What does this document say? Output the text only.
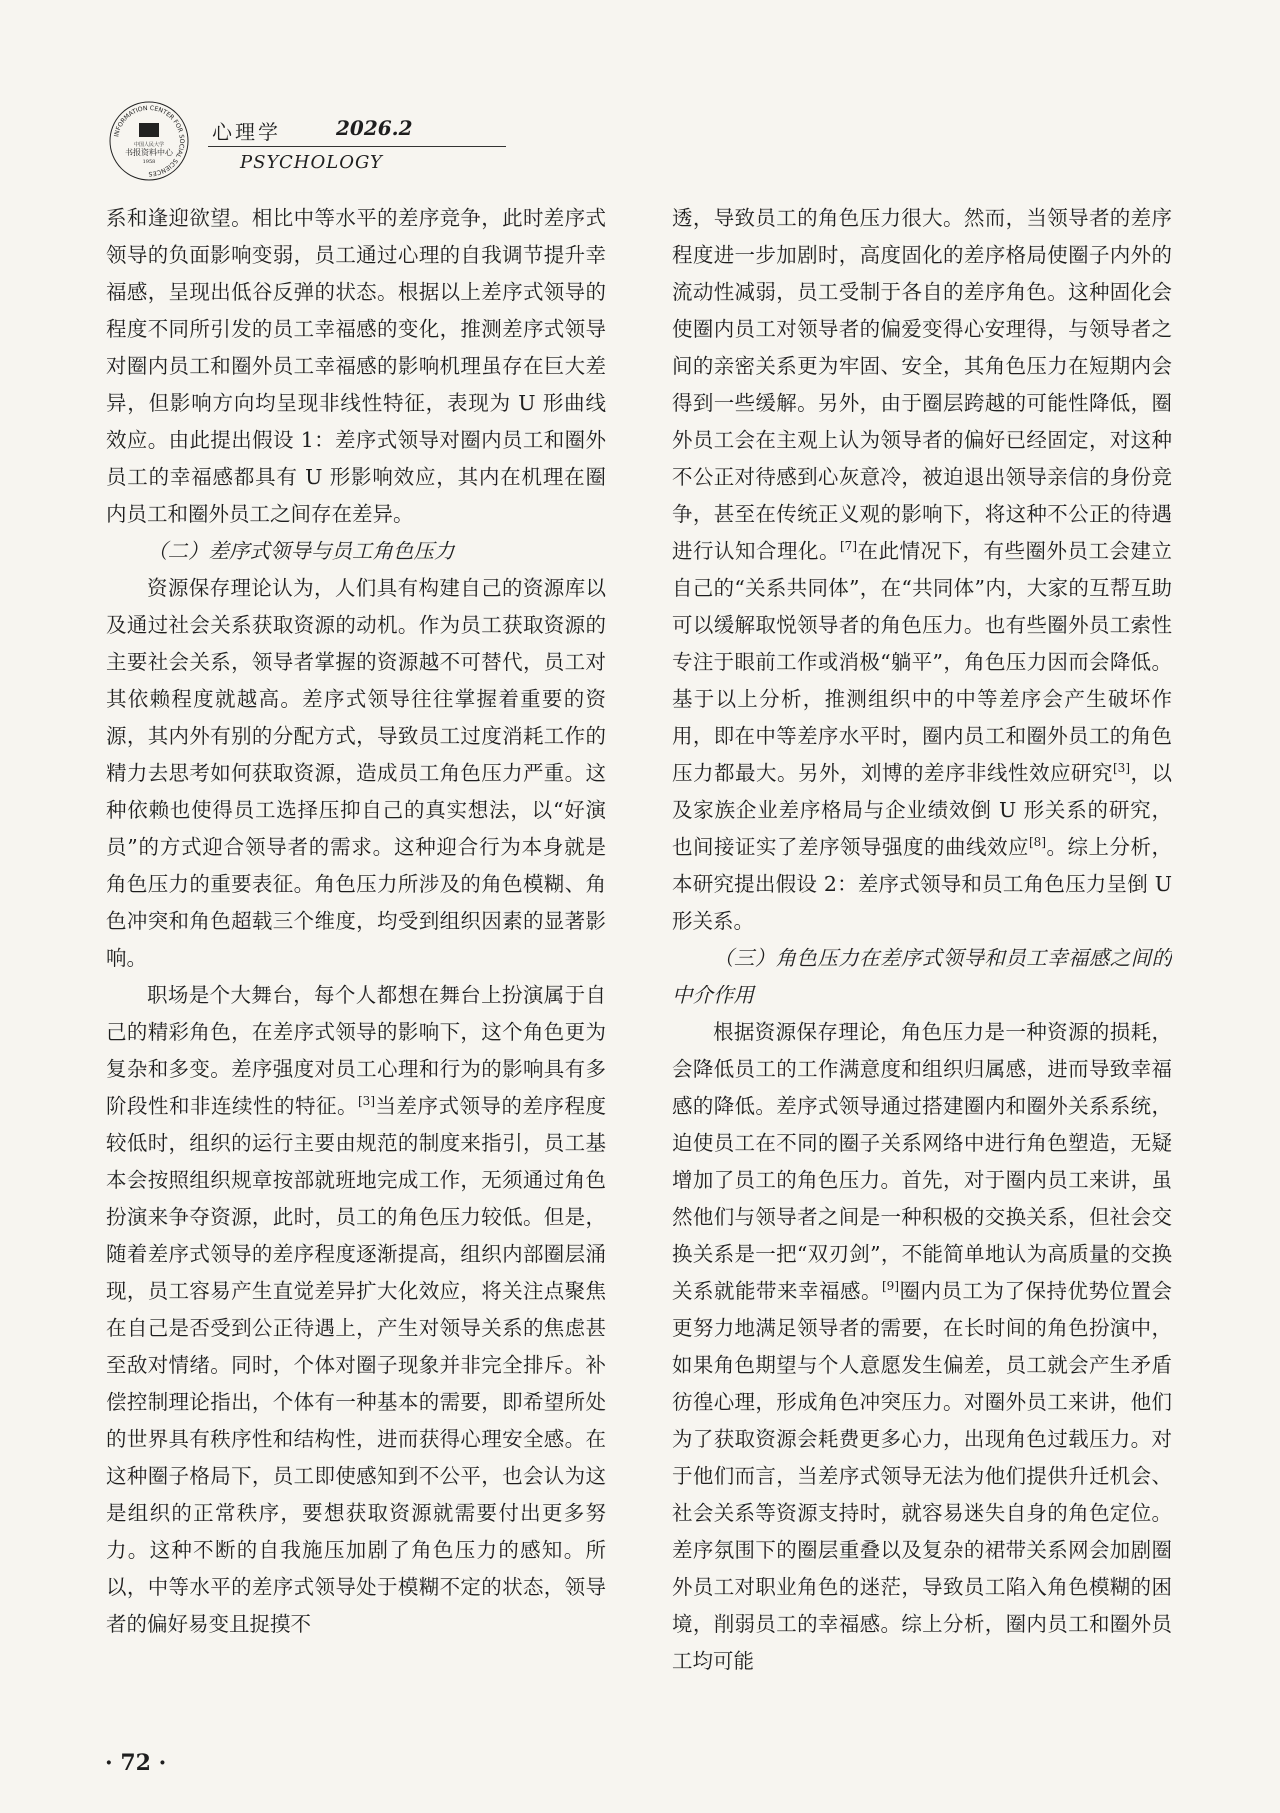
INFORMATION CENTER FOR SOCIAL SCIENCES
中国人民大学
书报资料中心
1958
心理学	2026.2
PSYCHOLOGY

系和逢迎欲望。相比中等水平的差序竞争，此时差序式领导的负面影响变弱，员工通过心理的自我调节提升幸福感，呈现出低谷反弹的状态。根据以上差序式领导的程度不同所引发的员工幸福感的变化，推测差序式领导对圈内员工和圈外员工幸福感的影响机理虽存在巨大差异，但影响方向均呈现非线性特征，表现为 U 形曲线效应。由此提出假设 1：差序式领导对圈内员工和圈外员工的幸福感都具有 U 形影响效应，其内在机理在圈内员工和圈外员工之间存在差异。

（二）差序式领导与员工角色压力

资源保存理论认为，人们具有构建自己的资源库以及通过社会关系获取资源的动机。作为员工获取资源的主要社会关系，领导者掌握的资源越不可替代，员工对其依赖程度就越高。差序式领导往往掌握着重要的资源，其内外有别的分配方式，导致员工过度消耗工作的精力去思考如何获取资源，造成员工角色压力严重。这种依赖也使得员工选择压抑自己的真实想法，以“好演员”的方式迎合领导者的需求。这种迎合行为本身就是角色压力的重要表征。角色压力所涉及的角色模糊、角色冲突和角色超载三个维度，均受到组织因素的显著影响。

职场是个大舞台，每个人都想在舞台上扮演属于自己的精彩角色，在差序式领导的影响下，这个角色更为复杂和多变。差序强度对员工心理和行为的影响具有多阶段性和非连续性的特征。[3]当差序式领导的差序程度较低时，组织的运行主要由规范的制度来指引，员工基本会按照组织规章按部就班地完成工作，无须通过角色扮演来争夺资源，此时，员工的角色压力较低。但是，随着差序式领导的差序程度逐渐提高，组织内部圈层涌现，员工容易产生直觉差异扩大化效应，将关注点聚焦在自己是否受到公正待遇上，产生对领导关系的焦虑甚至敌对情绪。同时，个体对圈子现象并非完全排斥。补偿控制理论指出，个体有一种基本的需要，即希望所处的世界具有秩序性和结构性，进而获得心理安全感。在这种圈子格局下，员工即使感知到不公平，也会认为这是组织的正常秩序，要想获取资源就需要付出更多努力。这种不断的自我施压加剧了角色压力的感知。所以，中等水平的差序式领导处于模糊不定的状态，领导者的偏好易变且捉摸不

透，导致员工的角色压力很大。然而，当领导者的差序程度进一步加剧时，高度固化的差序格局使圈子内外的流动性减弱，员工受制于各自的差序角色。这种固化会使圈内员工对领导者的偏爱变得心安理得，与领导者之间的亲密关系更为牢固、安全，其角色压力在短期内会得到一些缓解。另外，由于圈层跨越的可能性降低，圈外员工会在主观上认为领导者的偏好已经固定，对这种不公正对待感到心灰意冷，被迫退出领导亲信的身份竞争，甚至在传统正义观的影响下，将这种不公正的待遇进行认知合理化。[7]在此情况下，有些圈外员工会建立自己的“关系共同体”，在“共同体”内，大家的互帮互助可以缓解取悦领导者的角色压力。也有些圈外员工索性专注于眼前工作或消极“躺平”，角色压力因而会降低。基于以上分析，推测组织中的中等差序会产生破坏作用，即在中等差序水平时，圈内员工和圈外员工的角色压力都最大。另外，刘博的差序非线性效应研究[3]，以及家族企业差序格局与企业绩效倒 U 形关系的研究，也间接证实了差序领导强度的曲线效应[8]。综上分析，本研究提出假设 2：差序式领导和员工角色压力呈倒 U 形关系。

（三）角色压力在差序式领导和员工幸福感之间的中介作用

根据资源保存理论，角色压力是一种资源的损耗，会降低员工的工作满意度和组织归属感，进而导致幸福感的降低。差序式领导通过搭建圈内和圈外关系系统，迫使员工在不同的圈子关系网络中进行角色塑造，无疑增加了员工的角色压力。首先，对于圈内员工来讲，虽然他们与领导者之间是一种积极的交换关系，但社会交换关系是一把“双刃剑”，不能简单地认为高质量的交换关系就能带来幸福感。[9]圈内员工为了保持优势位置会更努力地满足领导者的需要，在长时间的角色扮演中，如果角色期望与个人意愿发生偏差，员工就会产生矛盾彷徨心理，形成角色冲突压力。对圈外员工来讲，他们为了获取资源会耗费更多心力，出现角色过载压力。对于他们而言，当差序式领导无法为他们提供升迁机会、社会关系等资源支持时，就容易迷失自身的角色定位。差序氛围下的圈层重叠以及复杂的裙带关系网会加剧圈外员工对职业角色的迷茫，导致员工陷入角色模糊的困境，削弱员工的幸福感。综上分析，圈内员工和圈外员工均可能

· 72 ·
